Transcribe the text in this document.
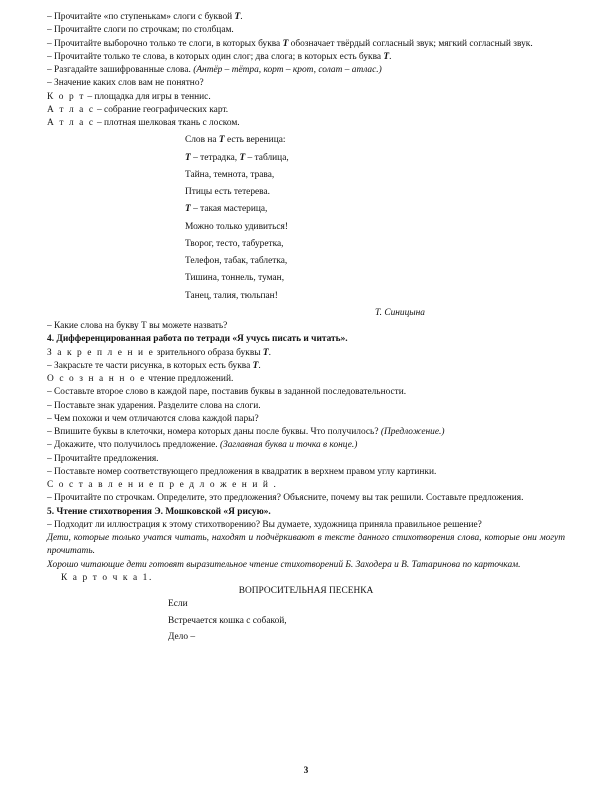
– Прочитайте «по ступенькам» слоги с буквой Т.
– Прочитайте слоги по строчкам; по столбцам.
– Прочитайте выборочно только те слоги, в которых буква Т обозначает твёрдый согласный звук; мягкий согласный звук.
– Прочитайте только те слова, в которых один слог; два слога; в которых есть буква Т.
– Разгадайте зашифрованные слова. (Антёр – тётра, корт – крот, солат – атлас.)
– Значение каких слов вам не понятно?
К о р т – площадка для игры в теннис.
А т л а с – собрание географических карт.
А т л а с – плотная шелковая ткань с лоском.
Слов на Т есть вереница:
Т – тетрадка, Т – таблица,
Тайна, темнота, трава,
Птицы есть тетерева.
Т – такая мастерица,
Можно только удивиться!
Творог, тесто, табуретка,
Телефон, табак, таблетка,
Тишина, тоннель, туман,
Танец, талия, тюльпан!
Т. Синицына
– Какие слова на букву Т вы можете назвать?
4. Дифференцированная работа по тетради «Я учусь писать и читать».
З а к р е п л е н и е зрительного образа буквы Т.
– Закрасьте те части рисунка, в которых есть буква Т.
О с о з н а н н о е чтение предложений.
– Составьте второе слово в каждой паре, поставив буквы в заданной последовательности.
– Поставьте знак ударения. Разделите слова на слоги.
– Чем похожи и чем отличаются слова каждой пары?
– Впишите буквы в клеточки, номера которых даны после буквы. Что получилось? (Предложение.)
– Докажите, что получилось предложение. (Заглавная буква и точка в конце.)
– Прочитайте предложения.
– Поставьте номер соответствующего предложения в квадратик в верхнем правом углу картинки.
С о с т а в л е н и е п р е д л о ж е н и й .
– Прочитайте по строчкам. Определите, это предложения? Объясните, почему вы так решили. Составьте предложения.
5. Чтение стихотворения Э. Мошковской «Я рисую».
– Подходит ли иллюстрация к этому стихотворению? Вы думаете, художница приняла правильное решение?
Дети, которые только учатся читать, находят и подчёркивают в тексте данного стихотворения слова, которые они могут прочитать.
Хорошо читающие дети готовят выразительное чтение стихотворений Б. Заходера и В. Татаринова по карточкам.
К а р т о ч к а 1.
ВОПРОСИТЕЛЬНАЯ ПЕСЕНКА
Если
Встречается кошка с собакой,
Дело –
3
